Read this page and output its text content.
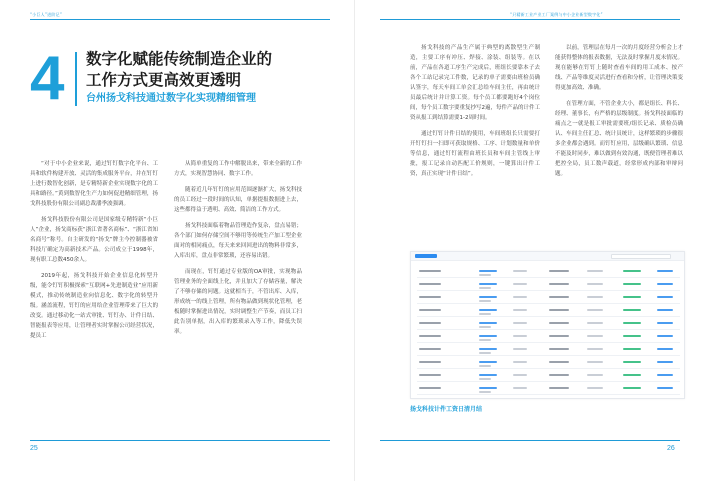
“小巨人”进阶记”
4 数字化赋能传统制造企业的
工作方式更高效更透明
台州扬戈科技通过数字化实现精细管理

“对于中小企业来说，通过钉钉数字化平台、工具和软件构建开放、灵活的集成服务平台，并在钉钉上进行数智化创新，是专精特新企业实现数字化的工具和路径。”黄到数智化生产力如何促进精细管理，扬戈科技股份有限公司副总裁潘季波强调。

扬戈科技股份有限公司是国家级专精特新“小巨人”企业，扬戈商标获“浙江省著名商标”、“浙江省知名商号”称号。自主研发的“扬戈”牌主今控制器被省科技厅确定为高新技术产品。公司成立于1998年，现有职工总数450余人。

2019年起，扬戈科技开始企业信息化转型升级，能令钉钉积极探索“互联网+先进制造业”应用新模式，推动传统制造业向信息化、数字化的转型升级。涵盖流程，钉钉的应用给企业管理带来了巨大的改变。通过移动化一站式审批、钉钉办、计件日结、智能报表等应用，让管理者实时掌握公司经营状况，提员工

从简单重复的工作中解脱出来，带来全新的工作方式，实现智慧协同、数字工作。

随着近几年钉钉的应用范围逐渐扩大，扬戈科技的员工经过一段时间的认知，单据提报数据进上去，这些都得益于透明、高效、简洁的工作方式。

扬戈科技面临着物品管理造作复杂，盘点易错；各个部门如何存储空间不够用等传统生产加工型企业面对的相同痛点，每天来来回回进出的物料非常多，入库出库，盘点非常繁琐，还容易出错。

而现在，钉钉通过专业版的OA审批，实现物品管理业务的全面线上化，并且加大了存储容量，解决了不够存储的问题。这就相当于，不管出库、入库，形成统一的线上管理，所有物品做到现状化管理，老板随时掌握进出情况，实时调整生产节奏，而员工扫此告别单据，出入库的繁琐录入等工作，降低失误率。

25
“只精新工业产业工厂案例与中小企业新型数字化”

扬戈科技的产品生产属于典型的离散型生产制造，主要工序有冲压、焊接、涂装、组装等。在以前，产品在各道工序生产完成后，班组长要靠本子去各个工站记录完工件数，记录的单子需要由班检员确认签字，每天车间工单会汇总给车间主任，再由统计员最后统计并计算工资。每个员工都要跑好4个岗位间，每个员工数字要重复抄写2遍，每件产品的计件工资从报工到结算需要1-2周时间。

通过钉钉计件日结的使用，车间班组长只需要打开钉钉扫一扫即可获取规格、工序、计划数量和单价等信息，通过钉钉流程由班长员和车间主管线上审批，报工记录自动匹配工价规则，一键算出计件工资，真正实现“计件日结”。

以前，管理层在每月一次的月度经营分析会上才能获得整体的报表数据，无法及时掌握月度未情况。现在能够在钉钉上随时查看车间的用工成本、按产线、产品等维度灵活进行查看和分析，让管理决策变得更加高效、准确。

在管理方面，不管企业大小，都是组长、科长、经理、董事长，有严格的层级制度。扬戈科技面临的痛点之一就是报工审批需要班/组长记录、质检员确认、车间主任汇总、统计员统计，这样繁琐的步骤很多企业都会遇到。而钉钉应用，层级确认繁琐、信息不能及时同步，难以做到有效沟通，既便管理者难以把控全局，员工数声载道，经常形成内部和审辩问题。

26
扬戈科技计件工资日清月结
